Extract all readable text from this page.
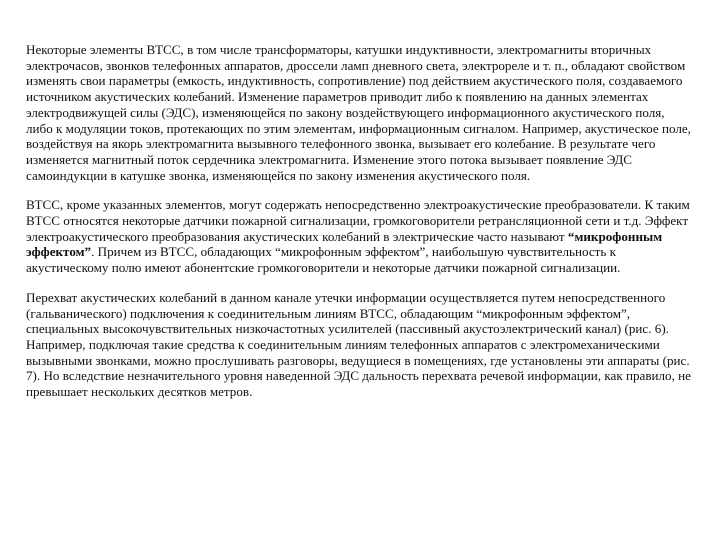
Некоторые элементы ВТСС, в том числе трансформаторы, катушки индуктивности, электромагниты вторичных электрочасов, звонков телефонных аппаратов, дроссели ламп дневного света, электрореле и т. п., обладают свойством изменять свои параметры (емкость, индуктивность, сопротивление) под действием акустического поля, создаваемого источником акустических колебаний. Изменение параметров приводит либо к появлению на данных элементах электродвижущей силы (ЭДС), изменяющейся по закону воздействующего информационного акустического поля, либо к модуляции токов, протекающих по этим элементам, информационным сигналом. Например, акустическое поле, воздействуя на якорь электромагнита вызывного телефонного звонка, вызывает его колебание. В результате чего изменяется магнитный поток сердечника электромагнита. Изменение этого потока вызывает появление ЭДС самоиндукции в катушке звонка, изменяющейся по закону изменения акустического поля.

ВТСС, кроме указанных элементов, могут содержать непосредственно электроакустические преобразователи. К таким ВТСС относятся некоторые датчики пожарной сигнализации, громкоговорители ретрансляционной сети и т.д. Эффект электроакустического преобразования акустических колебаний в электрические часто называют “микрофонным эффектом”. Причем из ВТСС, обладающих “микрофонным эффектом”, наибольшую чувствительность к акустическому полю имеют абонентские громкоговорители и некоторые датчики пожарной сигнализации.

Перехват акустических колебаний в данном канале утечки информации осуществляется путем непосредственного (гальванического) подключения к соединительным линиям ВТСС, обладающим “микрофонным эффектом”, специальных высокочувствительных низкочастотных усилителей (пассивный акустоэлектрический канал) (рис. 6). Например, подключая такие средства к соединительным линиям телефонных аппаратов с электромеханическими вызывными звонками, можно прослушивать разговоры, ведущиеся в помещениях, где установлены эти аппараты (рис. 7). Но вследствие незначительного уровня наведенной ЭДС дальность перехвата речевой информации, как правило, не превышает нескольких десятков метров.
